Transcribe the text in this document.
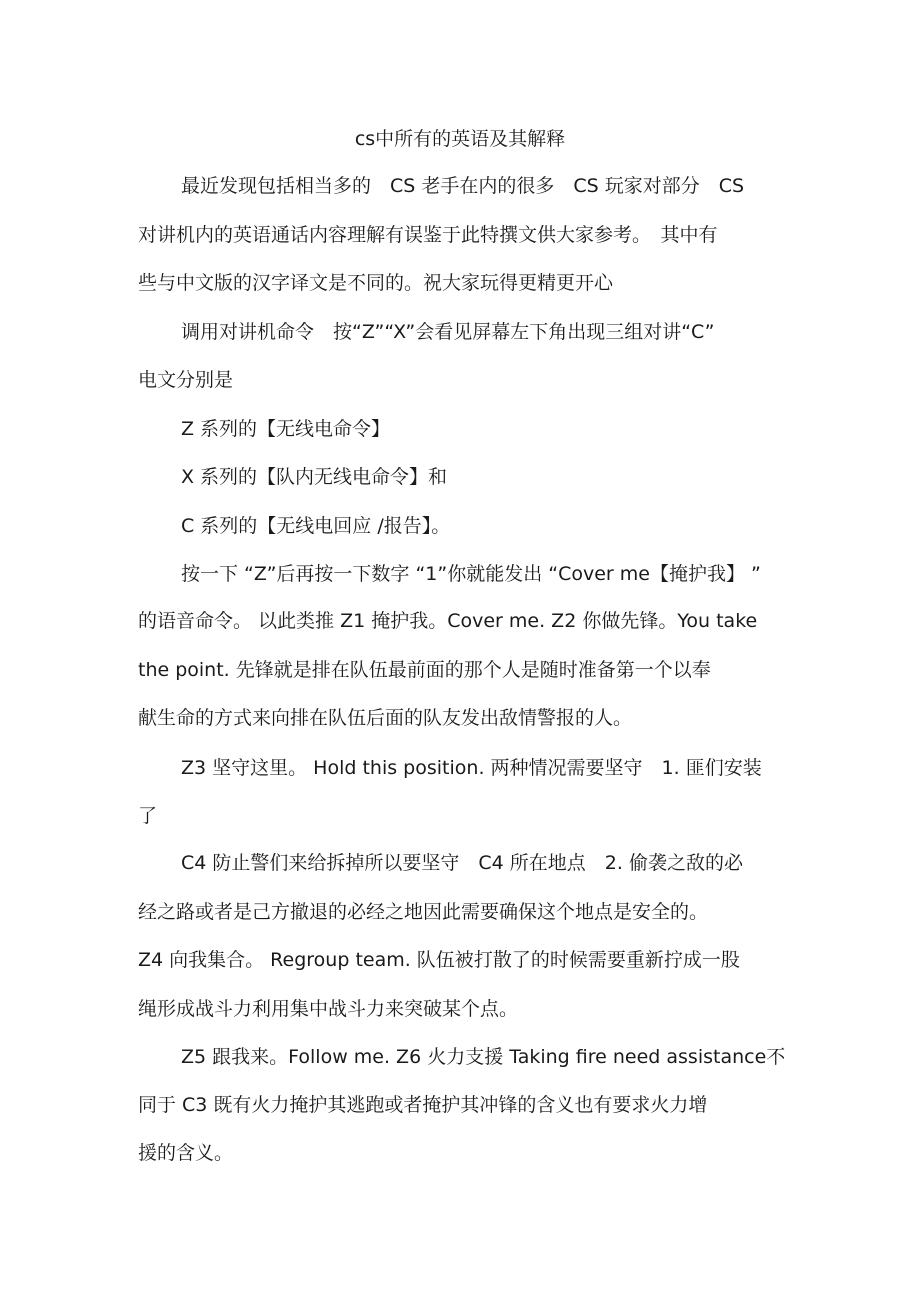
cs中所有的英语及其解释
最近发现包括相当多的　CS 老手在内的很多　CS 玩家对部分　CS
对讲机内的英语通话内容理解有误鉴于此特撰文供大家参考。　其中有
些与中文版的汉字译文是不同的。祝大家玩得更精更开心
调用对讲机命令　按“Z”“X”会看见屏幕左下角出现三组对讲“C”
电文分别是
Z 系列的【无线电命令】
X 系列的【队内无线电命令】和
C 系列的【无线电回应 /报告】。
按一下 “Z”后再按一下数字 “1”你就能发出 “Cover me【掩护我】 ”
的语音命令。 以此类推 Z1 掩护我。Cover me. Z2 你做先锋。You take
the point. 先锋就是排在队伍最前面的那个人是随时准备第一个以奉
献生命的方式来向排在队伍后面的队友发出敌情警报的人。
Z3 坚守这里。 Hold this position. 两种情况需要坚守　1. 匪们安装
了
C4 防止警们来给拆掉所以要坚守　C4 所在地点　2. 偷袭之敌的必
经之路或者是己方撤退的必经之地因此需要确保这个地点是安全的。
Z4 向我集合。 Regroup team. 队伍被打散了的时候需要重新拧成一股
绳形成战斗力利用集中战斗力来突破某个点。
Z5 跟我来。Follow me. Z6 火力支援 Taking fire need assistance不
同于 C3 既有火力掩护其逃跑或者掩护其冲锋的含义也有要求火力增
援的含义。
